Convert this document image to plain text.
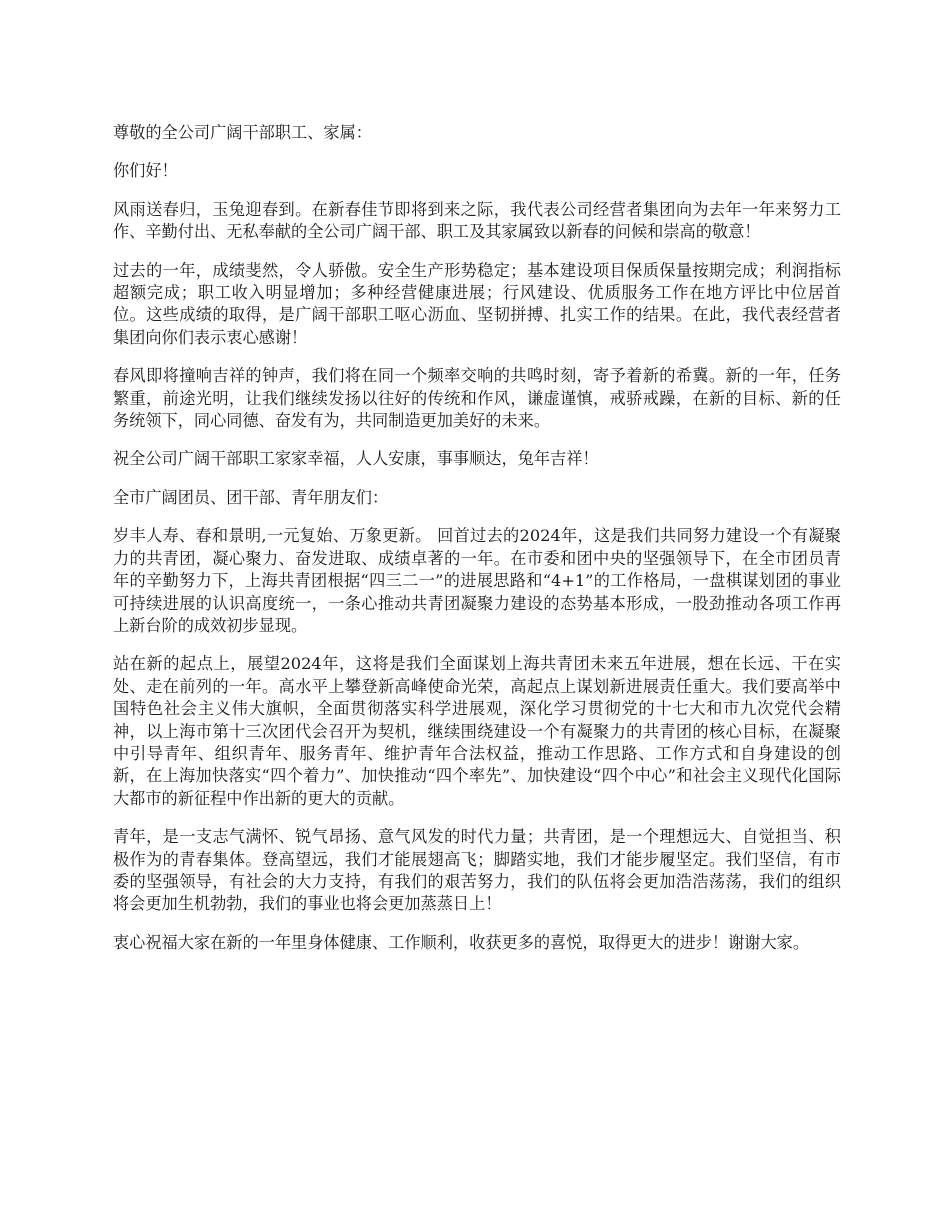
尊敬的全公司广阔干部职工、家属：

你们好！

风雨送春归，玉兔迎春到。在新春佳节即将到来之际，我代表公司经营者集团向为去年一年来努力工作、辛勤付出、无私奉献的全公司广阔干部、职工及其家属致以新春的问候和崇高的敬意！

过去的一年，成绩斐然，令人骄傲。安全生产形势稳定；基本建设项目保质保量按期完成；利润指标超额完成；职工收入明显增加；多种经营健康进展；行风建设、优质服务工作在地方评比中位居首位。这些成绩的取得，是广阔干部职工呕心沥血、坚韧拼搏、扎实工作的结果。在此，我代表经营者集团向你们表示衷心感谢！

春风即将撞响吉祥的钟声，我们将在同一个频率交响的共鸣时刻，寄予着新的希冀。新的一年，任务繁重，前途光明，让我们继续发扬以往好的传统和作风，谦虚谨慎，戒骄戒躁，在新的目标、新的任务统领下，同心同德、奋发有为，共同制造更加美好的未来。

祝全公司广阔干部职工家家幸福，人人安康，事事顺达，兔年吉祥！

全市广阔团员、团干部、青年朋友们：

岁丰人寿、春和景明,一元复始、万象更新。 回首过去的2024年，这是我们共同努力建设一个有凝聚力的共青团，凝心聚力、奋发进取、成绩卓著的一年。在市委和团中央的坚强领导下，在全市团员青年的辛勤努力下，上海共青团根据“四三二一”的进展思路和“4+1”的工作格局，一盘棋谋划团的事业可持续进展的认识高度统一，一条心推动共青团凝聚力建设的态势基本形成，一股劲推动各项工作再上新台阶的成效初步显现。

站在新的起点上，展望2024年，这将是我们全面谋划上海共青团未来五年进展，想在长远、干在实处、走在前列的一年。高水平上攀登新高峰使命光荣，高起点上谋划新进展责任重大。我们要高举中国特色社会主义伟大旗帜，全面贯彻落实科学进展观，深化学习贯彻党的十七大和市九次党代会精神，以上海市第十三次团代会召开为契机，继续围绕建设一个有凝聚力的共青团的核心目标，在凝聚中引导青年、组织青年、服务青年、维护青年合法权益，推动工作思路、工作方式和自身建设的创新，在上海加快落实“四个着力”、加快推动“四个率先”、加快建设“四个中心”和社会主义现代化国际大都市的新征程中作出新的更大的贡献。

青年，是一支志气满怀、锐气昂扬、意气风发的时代力量；共青团，是一个理想远大、自觉担当、积极作为的青春集体。登高望远，我们才能展翅高飞；脚踏实地，我们才能步履坚定。我们坚信，有市委的坚强领导，有社会的大力支持，有我们的艰苦努力，我们的队伍将会更加浩浩荡荡，我们的组织将会更加生机勃勃，我们的事业也将会更加蒸蒸日上！

衷心祝福大家在新的一年里身体健康、工作顺利，收获更多的喜悦，取得更大的进步！谢谢大家。
